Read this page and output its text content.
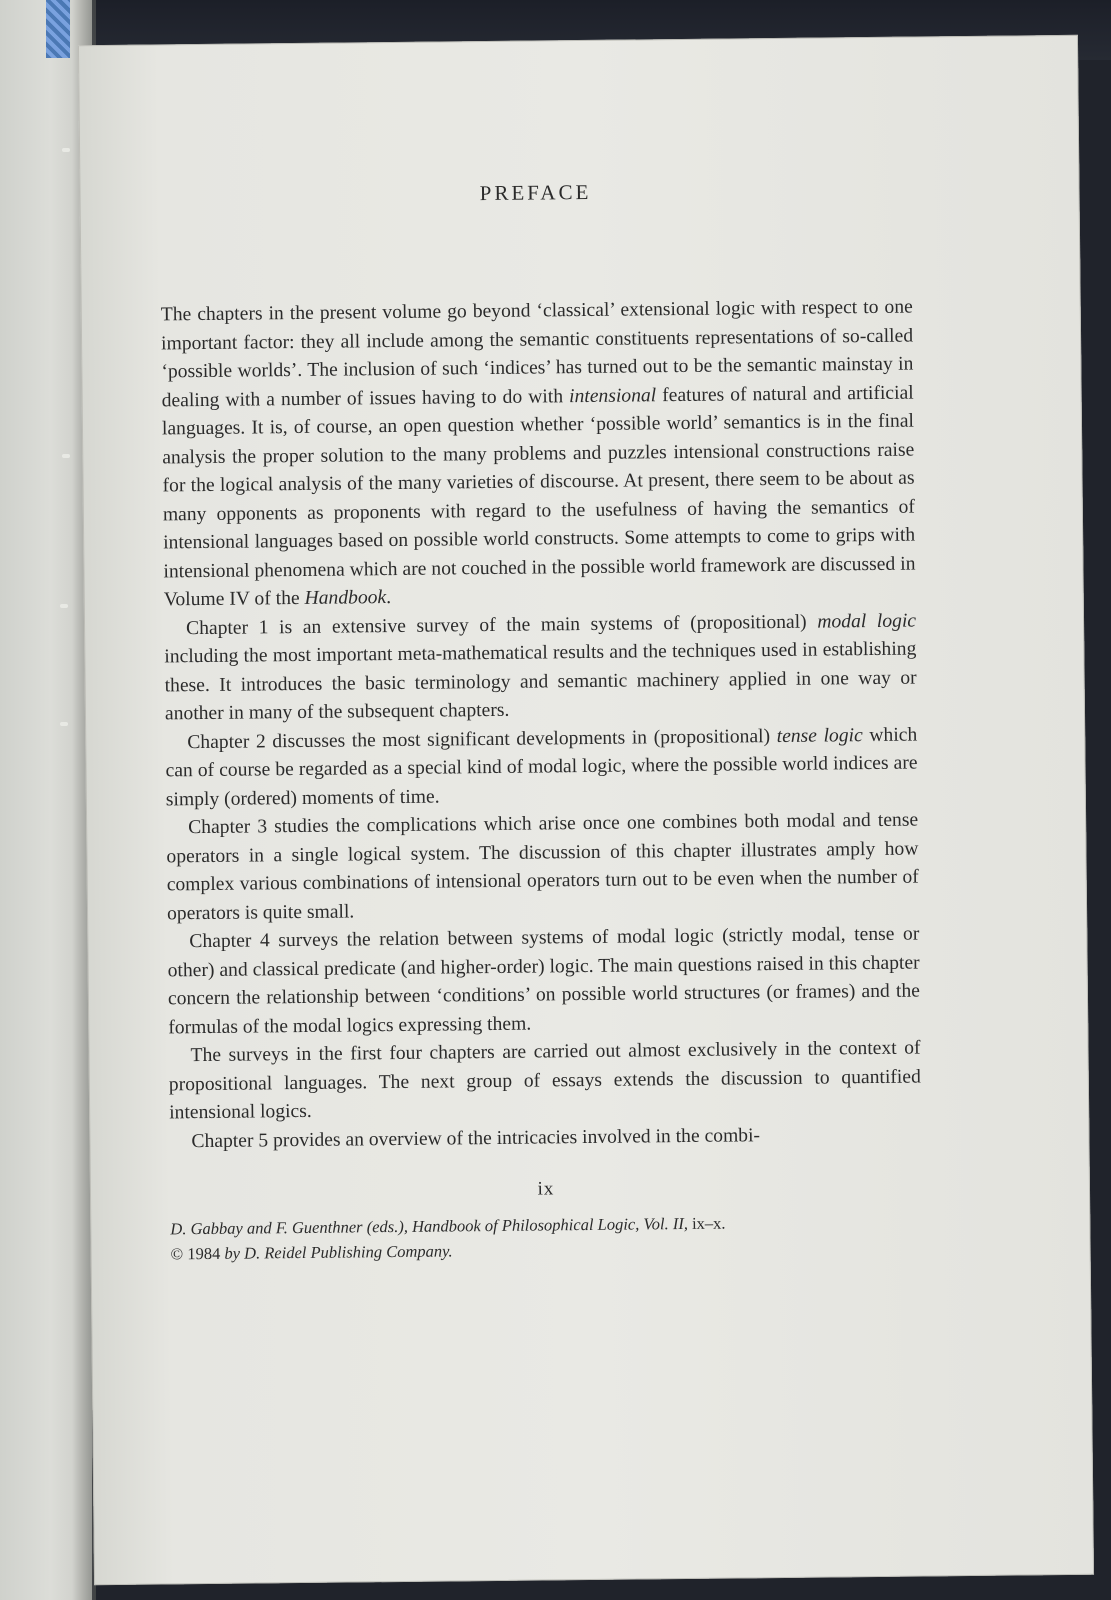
PREFACE

The chapters in the present volume go beyond ‘classical’ extensional logic with respect to one important factor: they all include among the semantic constituents representations of so-called ‘possible worlds’. The inclusion of such ‘indices’ has turned out to be the semantic mainstay in dealing with a number of issues having to do with intensional features of natural and artificial languages. It is, of course, an open question whether ‘possible world’ semantics is in the final analysis the proper solution to the many problems and puzzles intensional constructions raise for the logical analysis of the many varieties of discourse. At present, there seem to be about as many opponents as proponents with regard to the usefulness of having the semantics of intensional languages based on possible world constructs. Some attempts to come to grips with intensional phenomena which are not couched in the possible world framework are discussed in Volume IV of the Handbook.

Chapter 1 is an extensive survey of the main systems of (propositional) modal logic including the most important meta-mathematical results and the techniques used in establishing these. It introduces the basic terminology and semantic machinery applied in one way or another in many of the subsequent chapters.

Chapter 2 discusses the most significant developments in (propositional) tense logic which can of course be regarded as a special kind of modal logic, where the possible world indices are simply (ordered) moments of time.

Chapter 3 studies the complications which arise once one combines both modal and tense operators in a single logical system. The discussion of this chapter illustrates amply how complex various combinations of intensional operators turn out to be even when the number of operators is quite small.

Chapter 4 surveys the relation between systems of modal logic (strictly modal, tense or other) and classical predicate (and higher-order) logic. The main questions raised in this chapter concern the relationship between ‘conditions’ on possible world structures (or frames) and the formulas of the modal logics expressing them.

The surveys in the first four chapters are carried out almost exclusively in the context of propositional languages. The next group of essays extends the discussion to quantified intensional logics.

Chapter 5 provides an overview of the intricacies involved in the combi-

ix
D. Gabbay and F. Guenthner (eds.), Handbook of Philosophical Logic, Vol. II, ix–x.
© 1984 by D. Reidel Publishing Company.
